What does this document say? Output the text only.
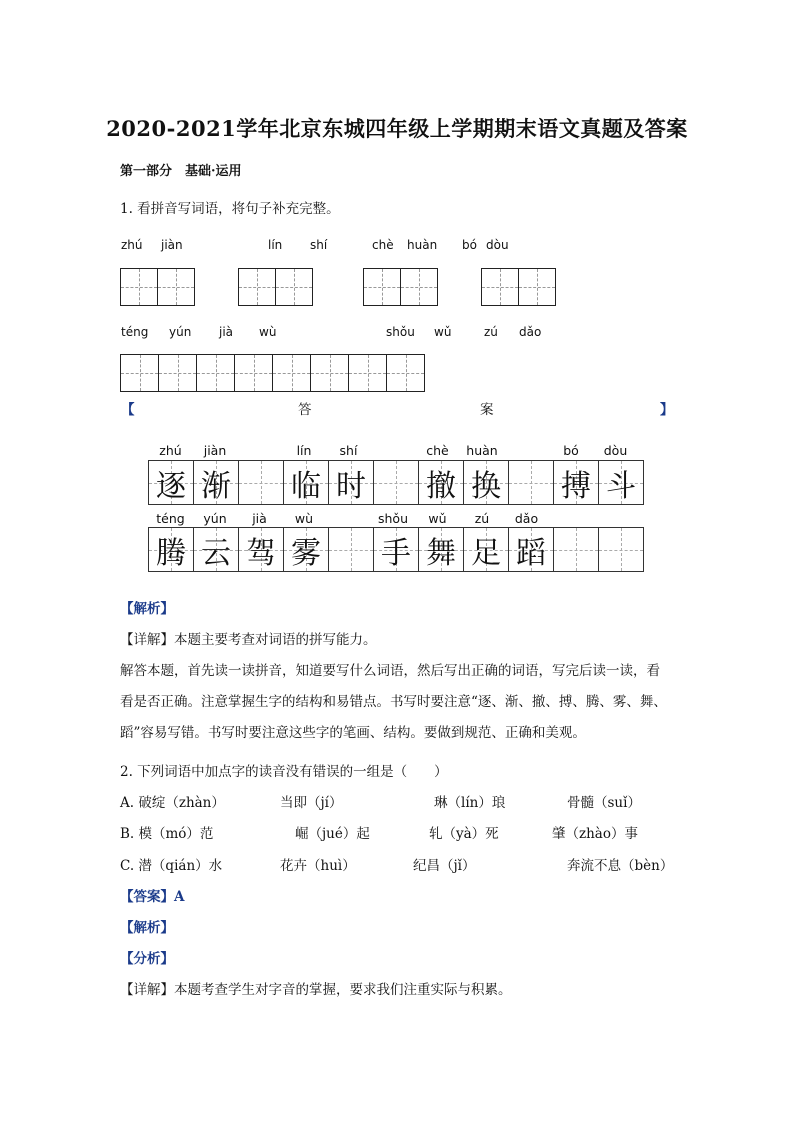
2020-2021学年北京东城四年级上学期期末语文真题及答案
第一部分　基础·运用
1. 看拼音写词语，将句子补充完整。
zhú jiàn	lín shí	chè huàn bó dòu
téng yún jià wù	shǒu wǔ	zú dǎo
【	答	案	】
zhú	jiàn	lín	shí	chè	huàn	bó	dòu
逐 渐 临 时 撤 换 搏 斗
téng	yún	jià	wù	shǒu	wǔ	zú	dǎo
腾 云 驾 雾 手 舞 足 蹈
【解析】
【详解】本题主要考查对词语的拼写能力。
解答本题，首先读一读拼音，知道要写什么词语，然后写出正确的词语，写完后读一读，看
看是否正确。注意掌握生字的结构和易错点。书写时要注意“逐、渐、撤、搏、腾、雾、舞、
蹈”容易写错。书写时要注意这些字的笔画、结构。要做到规范、正确和美观。
2. 下列词语中加点字的读音没有错误的一组是（　　）
A. 破绽（zhàn）	当即（jí）	琳（lín）琅	骨髓（suǐ）
B. 模（mó）范	崛（jué）起	轧（yà）死	肇（zhào）事
C. 潜（qián）水	花卉（huì）	纪昌（jǐ）	奔流不息（bèn）
【答案】A
【解析】
【分析】
【详解】本题考查学生对字音的掌握，要求我们注重实际与积累。
